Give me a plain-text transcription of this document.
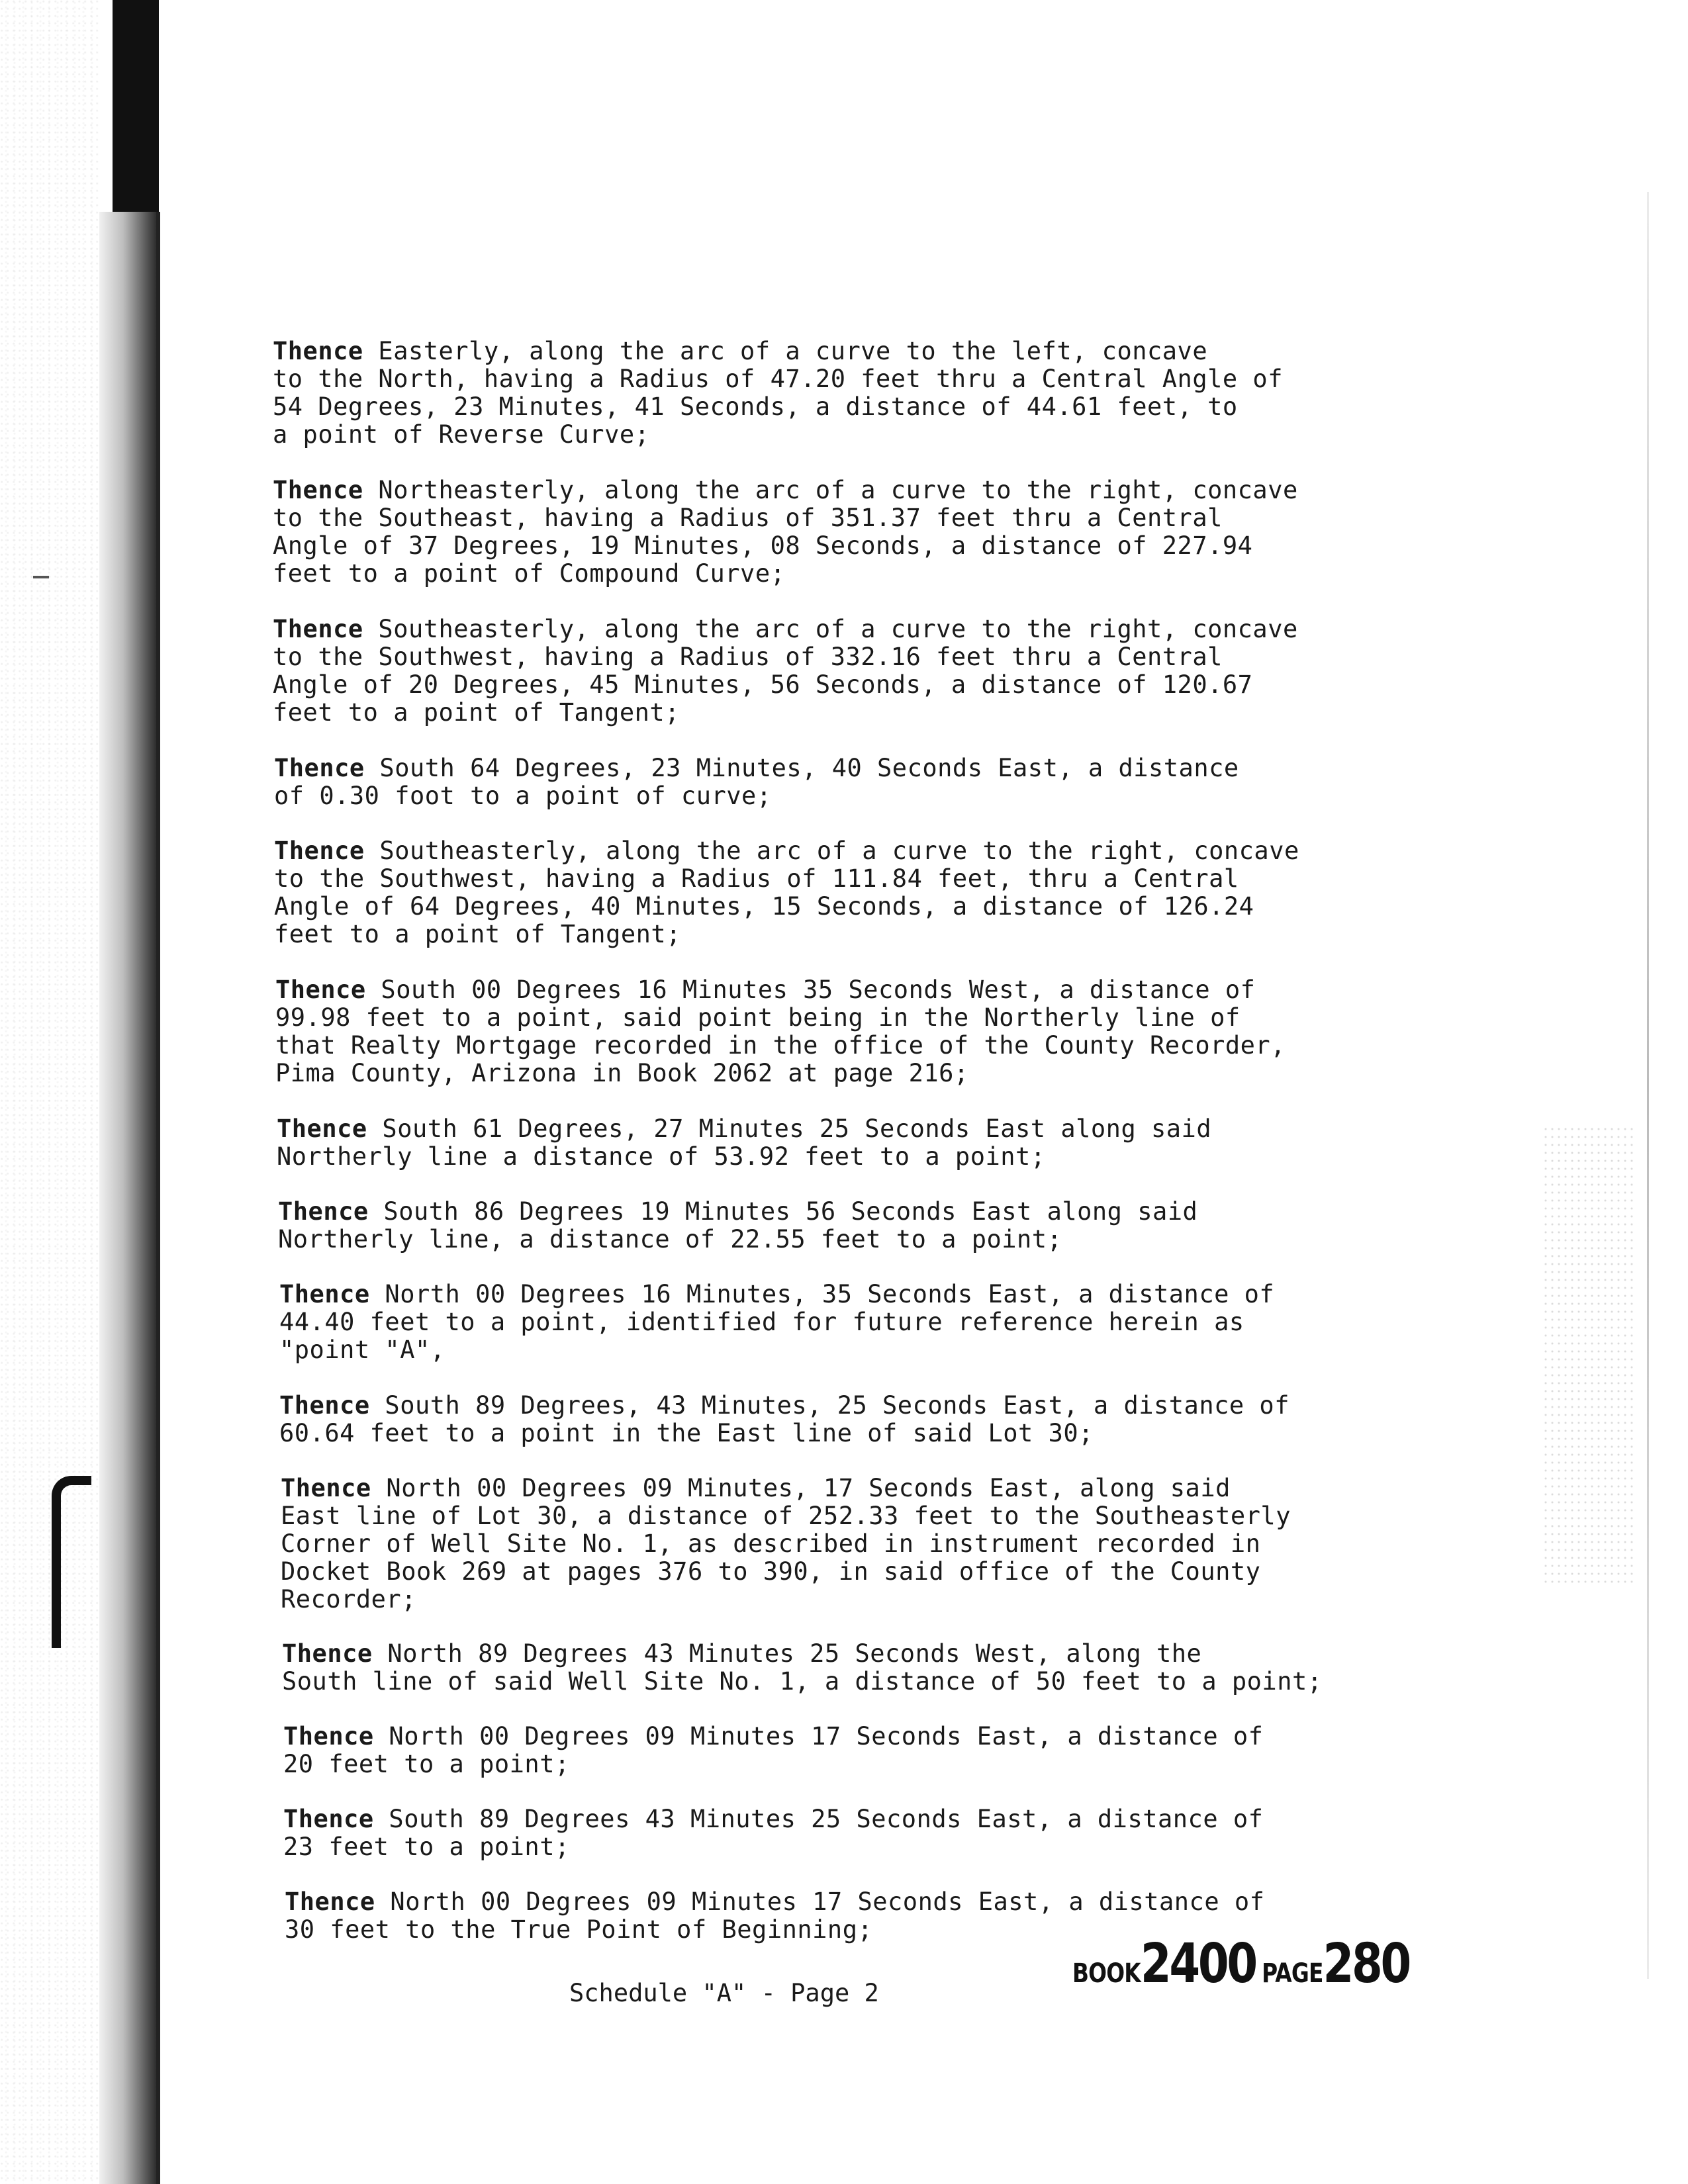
Thence Easterly, along the arc of a curve to the left, concave
to the North, having a Radius of 47.20 feet thru a Central Angle of
54 Degrees, 23 Minutes, 41 Seconds, a distance of 44.61 feet, to
a point of Reverse Curve;
Thence Northeasterly, along the arc of a curve to the right, concave
to the Southeast, having a Radius of 351.37 feet thru a Central
Angle of 37 Degrees, 19 Minutes, 08 Seconds, a distance of 227.94
feet to a point of Compound Curve;
Thence Southeasterly, along the arc of a curve to the right, concave
to the Southwest, having a Radius of 332.16 feet thru a Central
Angle of 20 Degrees, 45 Minutes, 56 Seconds, a distance of 120.67
feet to a point of Tangent;
Thence South 64 Degrees, 23 Minutes, 40 Seconds East, a distance
of 0.30 foot to a point of curve;
Thence Southeasterly, along the arc of a curve to the right, concave
to the Southwest, having a Radius of 111.84 feet, thru a Central
Angle of 64 Degrees, 40 Minutes, 15 Seconds, a distance of 126.24
feet to a point of Tangent;
Thence South 00 Degrees 16 Minutes 35 Seconds West, a distance of
99.98 feet to a point, said point being in the Northerly line of
that Realty Mortgage recorded in the office of the County Recorder,
Pima County, Arizona in Book 2062 at page 216;
Thence South 61 Degrees, 27 Minutes 25 Seconds East along said
Northerly line a distance of 53.92 feet to a point;
Thence South 86 Degrees 19 Minutes 56 Seconds East along said
Northerly line, a distance of 22.55 feet to a point;
Thence North 00 Degrees 16 Minutes, 35 Seconds East, a distance of
44.40 feet to a point, identified for future reference herein as
"point "A",
Thence South 89 Degrees, 43 Minutes, 25 Seconds East, a distance of
60.64 feet to a point in the East line of said Lot 30;
Thence North 00 Degrees 09 Minutes, 17 Seconds East, along said
East line of Lot 30, a distance of 252.33 feet to the Southeasterly
Corner of Well Site No. 1, as described in instrument recorded in
Docket Book 269 at pages 376 to 390, in said office of the County
Recorder;
Thence North 89 Degrees 43 Minutes 25 Seconds West, along the
South line of said Well Site No. 1, a distance of 50 feet to a point;
Thence North 00 Degrees 09 Minutes 17 Seconds East, a distance of
20 feet to a point;
Thence South 89 Degrees 43 Minutes 25 Seconds East, a distance of
23 feet to a point;
Thence North 00 Degrees 09 Minutes 17 Seconds East, a distance of
30 feet to the True Point of Beginning;
BOOK2400 PAGE280
Schedule "A" - Page 2
